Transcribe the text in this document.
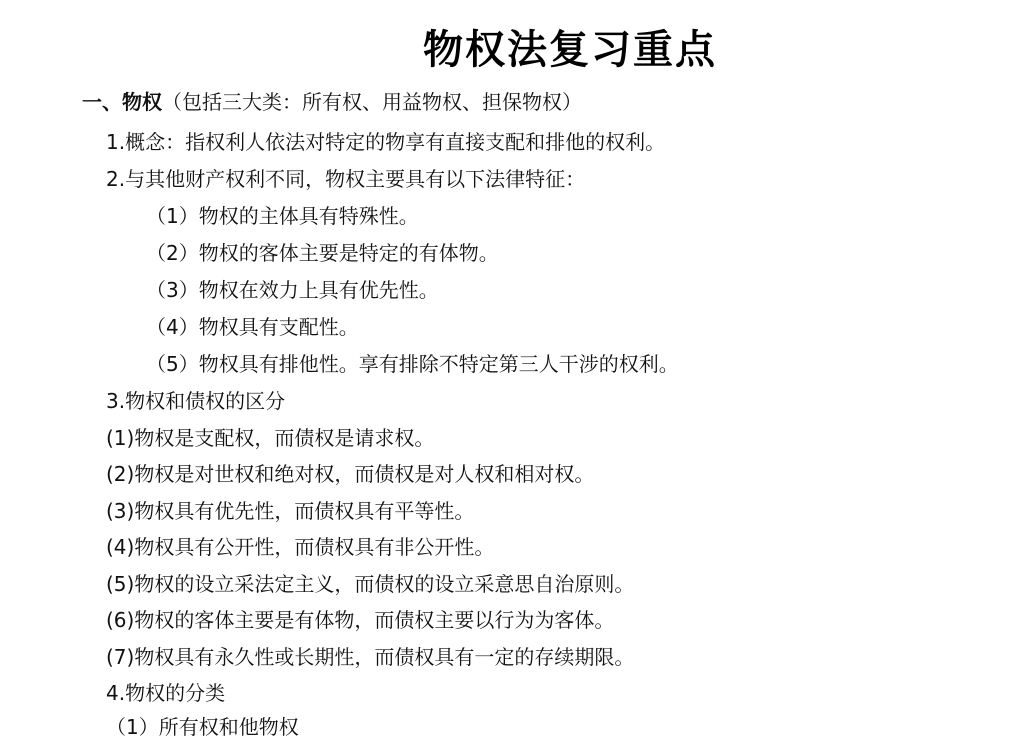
物权法复习重点
一、物权（包括三大类：所有权、用益物权、担保物权）
1.概念：指权利人依法对特定的物享有直接支配和排他的权利。
2.与其他财产权利不同，物权主要具有以下法律特征：
（1）物权的主体具有特殊性。
（2）物权的客体主要是特定的有体物。
（3）物权在效力上具有优先性。
（4）物权具有支配性。
（5）物权具有排他性。享有排除不特定第三人干涉的权利。
3.物权和债权的区分
(1)物权是支配权，而债权是请求权。
(2)物权是对世权和绝对权，而债权是对人权和相对权。
(3)物权具有优先性，而债权具有平等性。
(4)物权具有公开性，而债权具有非公开性。
(5)物权的设立采法定主义，而债权的设立采意思自治原则。
(6)物权的客体主要是有体物，而债权主要以行为为客体。
(7)物权具有永久性或长期性，而债权具有一定的存续期限。
4.物权的分类
（1）所有权和他物权
